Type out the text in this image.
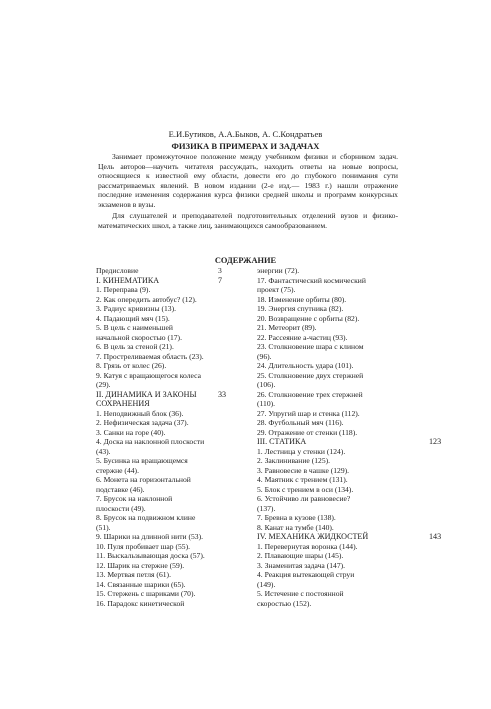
Е.И.Бутиков, А.А.Быков, А. С.Кондратьев
ФИЗИКА В ПРИМЕРАХ И ЗАДАЧАХ

Занимает промежуточное положение между учебником физики и сборником задач. Цель авторов—научить читателя рассуждать, находить ответы на новые вопросы, относящиеся к известной ему области, довести его до глубокого понимания сути рассматриваемых явлений. В новом издании (2-е изд.— 1983 г.) нашли отражение последние изменения содержания курса физики средней школы и программ конкурсных экзаменов в вузы.

Для слушателей и преподавателей подготовительных отделений вузов и физико-математических школ, а также лиц, занимающихся самообразованием.

СОДЕРЖАНИЕ
Предисловие	3
I. КИНЕМАТИКА	7
1. Переправа (9).
2. Как опередить автобус? (12).
3. Радиус кривизны (13).
4. Падающий мяч (15).
5. В цель с наименьшей
начальной скоростью (17).
6. В цель за стеной (21).
7. Простреливаемая область (23).
8. Грязь от колес (26).
9. Катуя с вращающегося колеса
(29).
II. ДИНАМИКА И ЗАКОНЫ	33
СОХРАНЕНИЯ
1. Неподвижный блок (36).
2. Нефизическая задача (37).
3. Санки на горе (40).
4. Доска на наклонной плоскости
(43).
5. Бусинка на вращающемся
стержне (44).
6. Монета на горизонтальной
подставке (46).
7. Брусок на наклонной
плоскости (49).
8. Брусок на подвижном клине
(51).
9. Шарики на длинной нити (53).
10. Пуля пробивает шар (55).
11. Выскальзывающая доска (57).
12. Шарик на стержне (59).
13. Мертвая петля (61).
14. Связанные шарики (65).
15. Стержень с шариками (70).
16. Парадокс кинетической
энергии (72).
17. Фантастический космический
проект (75).
18. Изменение орбиты (80).
19. Энергия спутника (82).
20. Возвращение с орбиты (82).
21. Метеорит (89).
22. Рассеяние а-частиц (93).
23. Столкновение шара с клином
(96).
24. Длительность удара (101).
25. Столкновение двух стержней
(106).
26. Столкновение трех стержней
(110).
27. Упругий шар и стенка (112).
28. Футбольный мяч (116).
29. Отражение от стенки (118).
III. СТАТИКА	123
1. Лестница у стенки (124).
2. Заклинивание (125).
3. Равновесие в чашке (129).
4. Маятник с трением (131).
5. Блок с трением в оси (134).
6. Устойчиво ли равновесие?
(137).
7. Бревна в кузове (138).
8. Канат на тумбе (140).
IV. МЕХАНИКА ЖИДКОСТЕЙ	143
1. Перевернутая воронка (144).
2. Плавающие шары (145).
3. Знаменитая задача (147).
4. Реакция вытекающей струи
(149).
5. Истечение с постоянной
скоростью (152).
